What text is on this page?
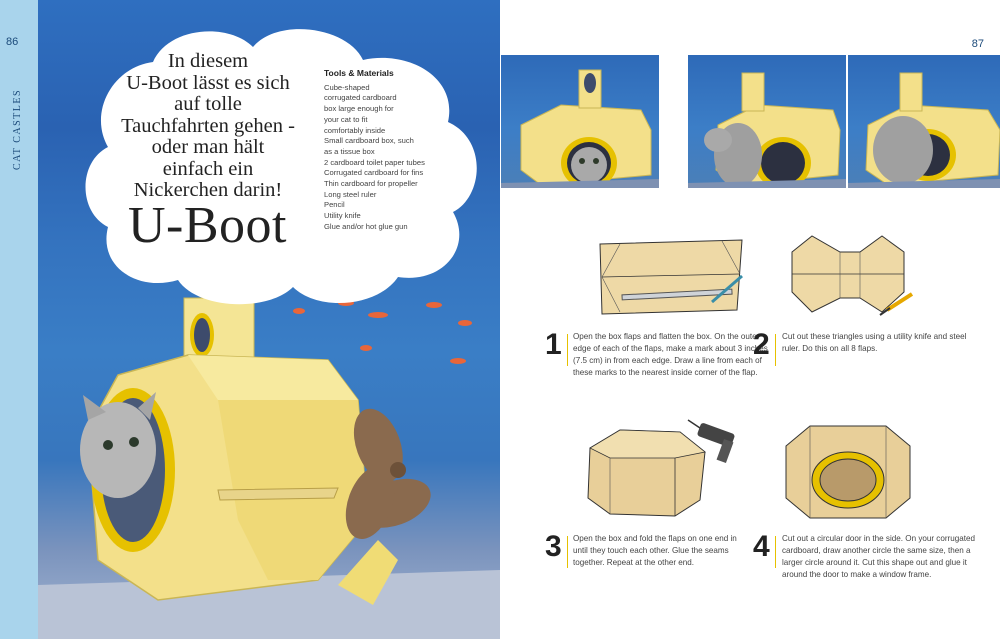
86
CAT CASTLES
In diesem
U-Boot lässt es sich
auf tolle
Tauchfahrten gehen -
oder man hält
einfach ein
Nickerchen darin!
U-Boot
Tools & Materials
Cube-shaped
corrugated cardboard
box large enough for
your cat to fit
comfortably inside
Small cardboard box, such
as a tissue box
2 cardboard toilet paper tubes
Corrugated cardboard for fins
Thin cardboard for propeller
Long steel ruler
Pencil
Utility knife
Glue and/or hot glue gun
87
1 Open the box flaps and flatten the box. On the outer edge of each of the flaps, make a mark about 3 inches (7.5 cm) in from each edge. Draw a line from each of these marks to the nearest inside corner of the flap.
2 Cut out these triangles using a utility knife and steel ruler. Do this on all 8 flaps.
3 Open the box and fold the flaps on one end in until they touch each other. Glue the seams together. Repeat at the other end.	4 Cut out a circular door in the side. On your corrugated cardboard, draw another circle the same size, then a larger circle around it. Cut this shape out and glue it around the door to make a window frame.
